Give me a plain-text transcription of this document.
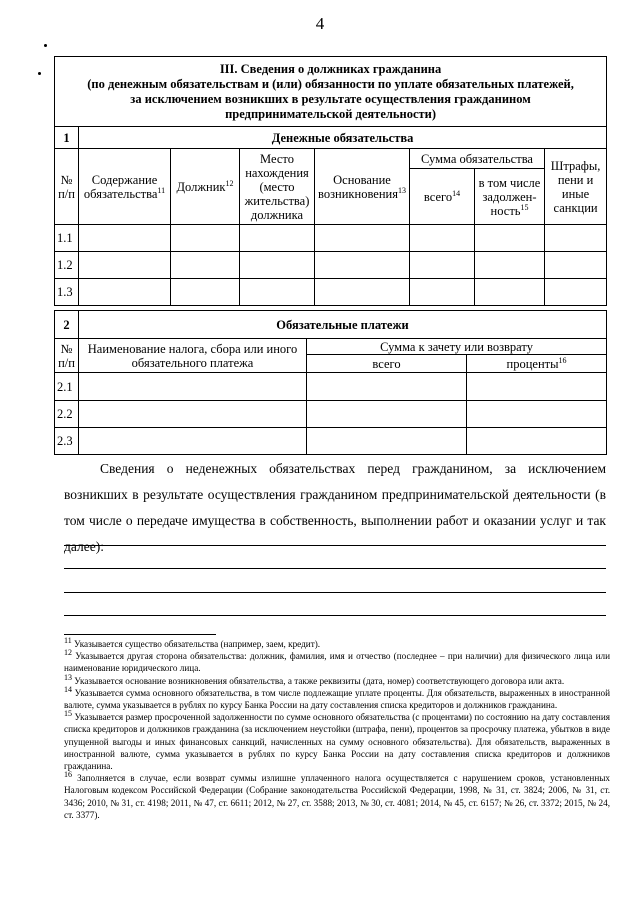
4
III. Сведения о должниках гражданина
(по денежным обязательствам и (или) обязанности по уплате обязательных платежей,
за исключением возникших в результате осуществления гражданином
предпринимательской деятельности)							

1	Денежные обязательства						
№ п/п	Содержание обязательства$^{11}$	Должник$^{12}$	Место нахождения (место жительства) должника	Основание возникновения$^{13}$	Сумма обязательства		Штрафы, пени и иные санкции
					всего$^{14}$	в том числе задолжен-ность$^{15}$
1.1							
1.2							
1.3							
2	Обязательные платежи		
№ п/п	Наименование налога, сбора или иного обязательного платежа	Сумма к зачету или возврату	
		всего	проценты$^{16}$
2.1			
2.2			
2.3			
Сведения о неденежных обязательствах перед гражданином, за исключением возникших в результате осуществления гражданином предпринимательской деятельности (в том числе о передаче имущества в собственность, выполнении работ и оказании услуг и так далее):

$^{11}$ Указывается существо обязательства (например, заем, кредит).

$^{12}$ Указывается другая сторона обязательства: должник, фамилия, имя и отчество (последнее – при наличии) для физического лица или наименование юридического лица.

$^{13}$ Указывается основание возникновения обязательства, а также реквизиты (дата, номер) соответствующего договора или акта.

$^{14}$ Указывается сумма основного обязательства, в том числе подлежащие уплате проценты. Для обязательств, выраженных в иностранной валюте, сумма указывается в рублях по курсу Банка России на дату составления списка кредиторов и должников гражданина.

$^{15}$ Указывается размер просроченной задолженности по сумме основного обязательства (с процентами) по состоянию на дату составления списка кредиторов и должников гражданина (за исключением неустойки (штрафа, пени), процентов за просрочку платежа, убытков в виде упущенной выгоды и иных финансовых санкций, начисленных на сумму основного обязательства). Для обязательств, выраженных в иностранной валюте, сумма указывается в рублях по курсу Банка России на дату составления списка кредиторов и должников гражданина.

$^{16}$ Заполняется в случае, если возврат суммы излишне уплаченного налога осуществляется с нарушением сроков, установленных Налоговым кодексом Российской Федерации (Собрание законодательства Российской Федерации, 1998, № 31, ст. 3824; 2006, № 31, ст. 3436; 2010, № 31, ст. 4198; 2011, № 47, ст. 6611; 2012, № 27, ст. 3588; 2013, № 30, ст. 4081; 2014, № 45, ст. 6157; № 26, ст. 3372; 2015, № 24, ст. 3377).
